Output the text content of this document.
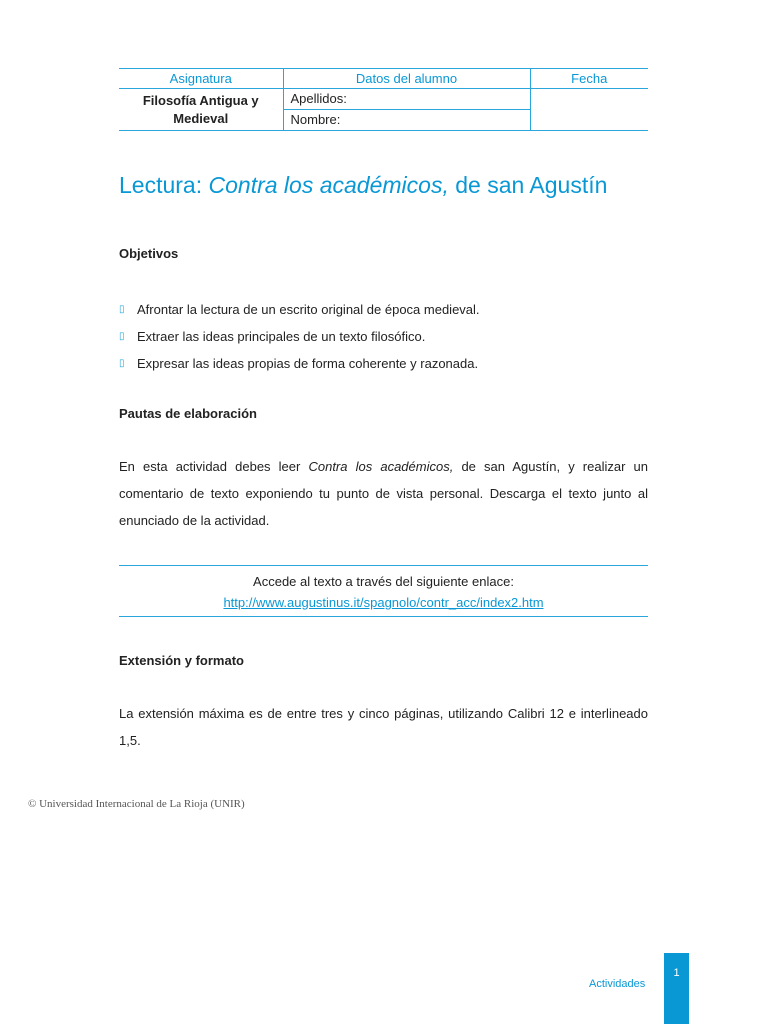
Asignatura	Datos del alumno	Fecha
Filosofía Antigua y Medieval	Apellidos:
Nombre:	

Lectura: Contra los académicos, de san Agustín
Objetivos
▯ Afrontar la lectura de un escrito original de época medieval.
▯ Extraer las ideas principales de un texto filosófico.
▯ Expresar las ideas propias de forma coherente y razonada.
Pautas de elaboración

En esta actividad debes leer Contra los académicos, de san Agustín, y realizar un comentario de texto exponiendo tu punto de vista personal. Descarga el texto junto al enunciado de la actividad.

Accede al texto a través del siguiente enlace:
http://www.augustinus.it/spagnolo/contr_acc/index2.htm
Extensión y formato

La extensión máxima es de entre tres y cinco páginas, utilizando Calibri 12 e interlineado 1,5.

© Universidad Internacional de La Rioja (UNIR)
Actividades
1
